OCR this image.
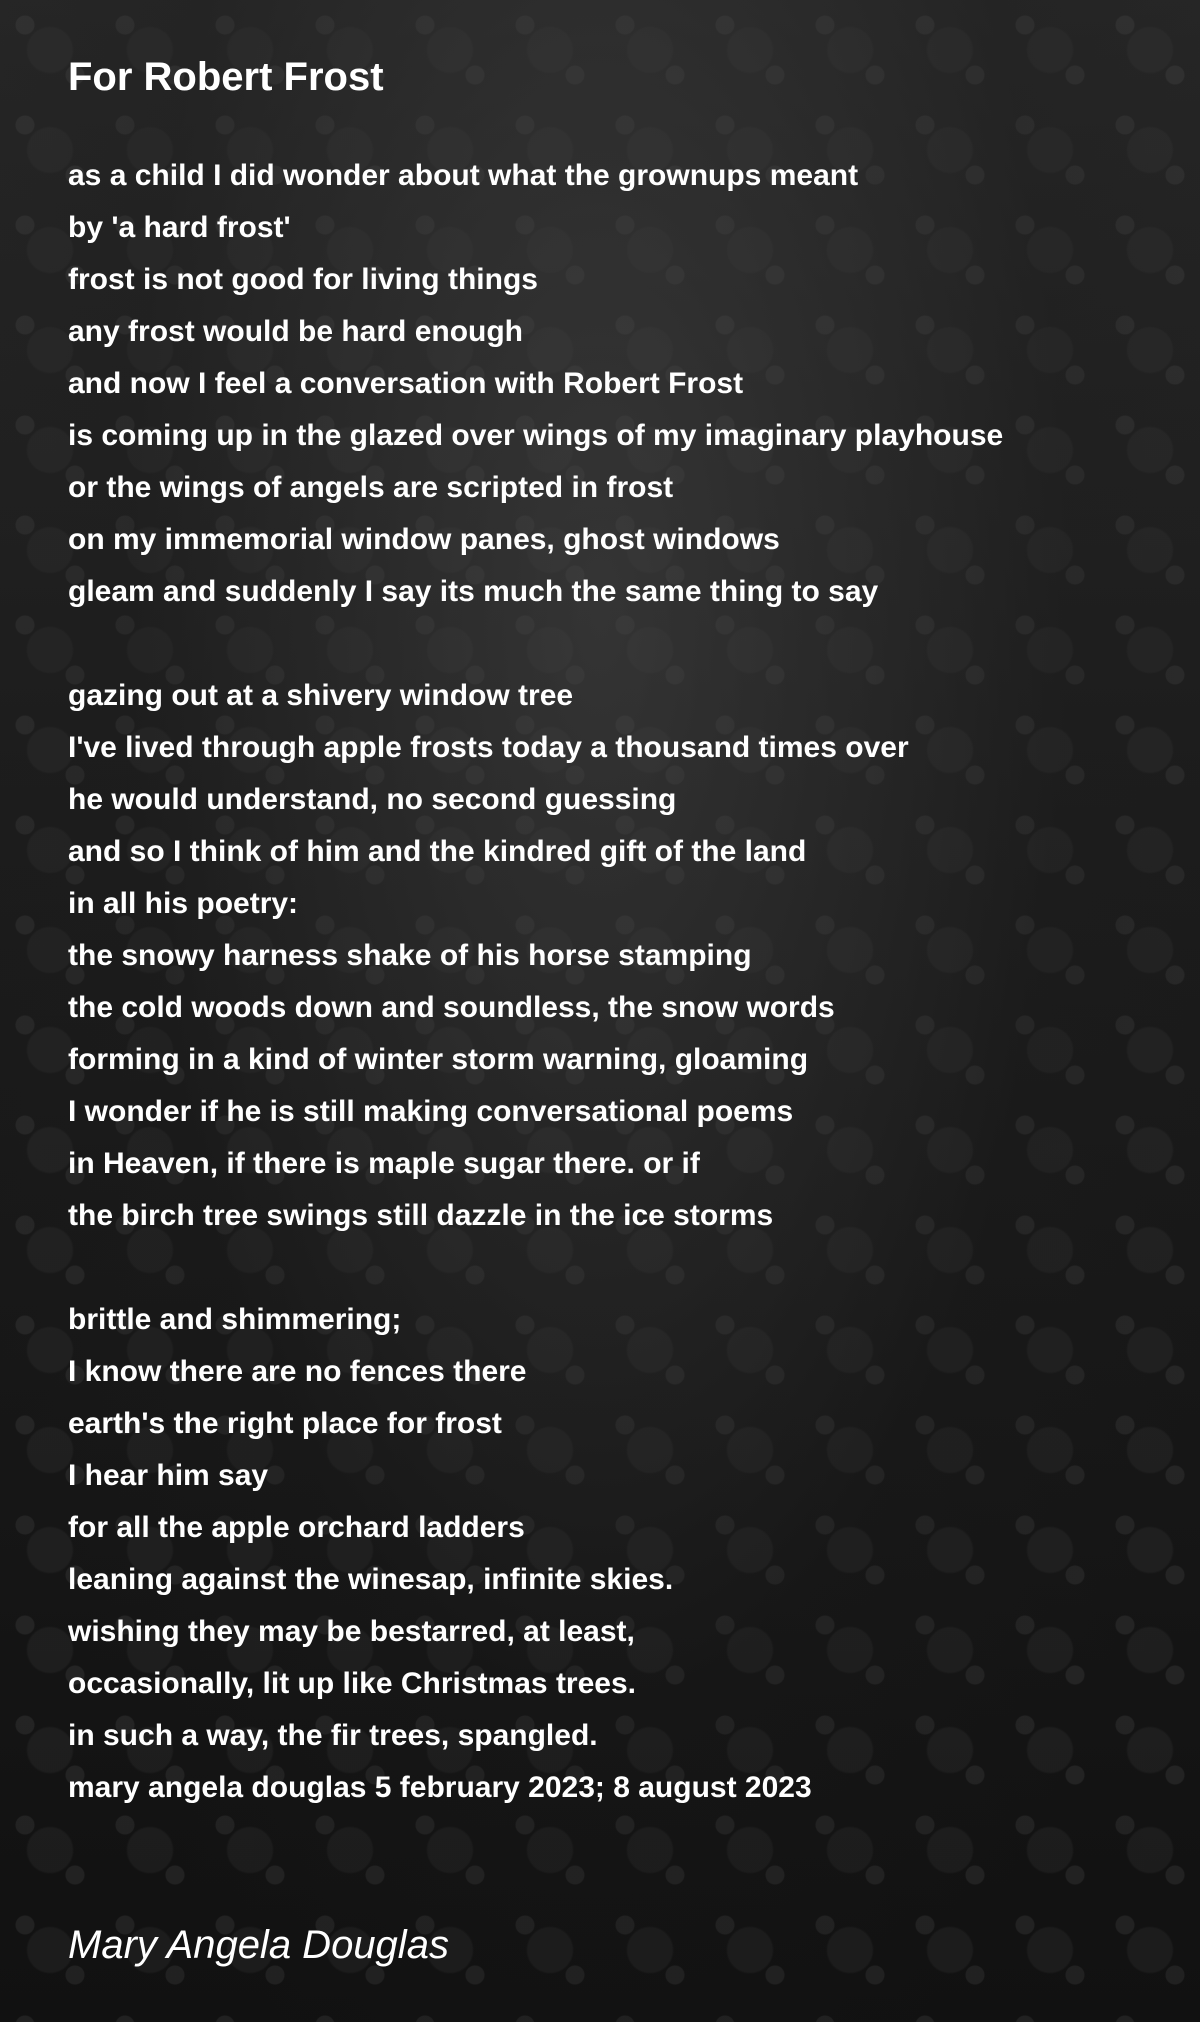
For Robert Frost
as a child I did wonder about what the grownups meant
by 'a hard frost'
frost is not good for living things
any frost would be hard enough
and now I feel a conversation with Robert Frost
is coming up in the glazed over wings of my imaginary playhouse
or the wings of angels are scripted in frost
on my immemorial window panes, ghost windows
gleam and suddenly I say its much the same thing to say
gazing out at a shivery window tree
I've lived through apple frosts today a thousand times over
he would understand, no second guessing
and so I think of him and the kindred gift of the land
in all his poetry:
the snowy harness shake of his horse stamping
the cold woods down and soundless, the snow words
forming in a kind of winter storm warning, gloaming
I wonder if he is still making conversational poems
in Heaven, if there is maple sugar there. or if
the birch tree swings still dazzle in the ice storms
brittle and shimmering;
I know there are no fences there
earth's the right place for frost
I hear him say
for all the apple orchard ladders
leaning against the winesap, infinite skies.
wishing they may be bestarred, at least,
occasionally, lit up like Christmas trees.
in such a way, the fir trees, spangled.
mary angela douglas 5 february 2023; 8 august 2023
Mary Angela Douglas
